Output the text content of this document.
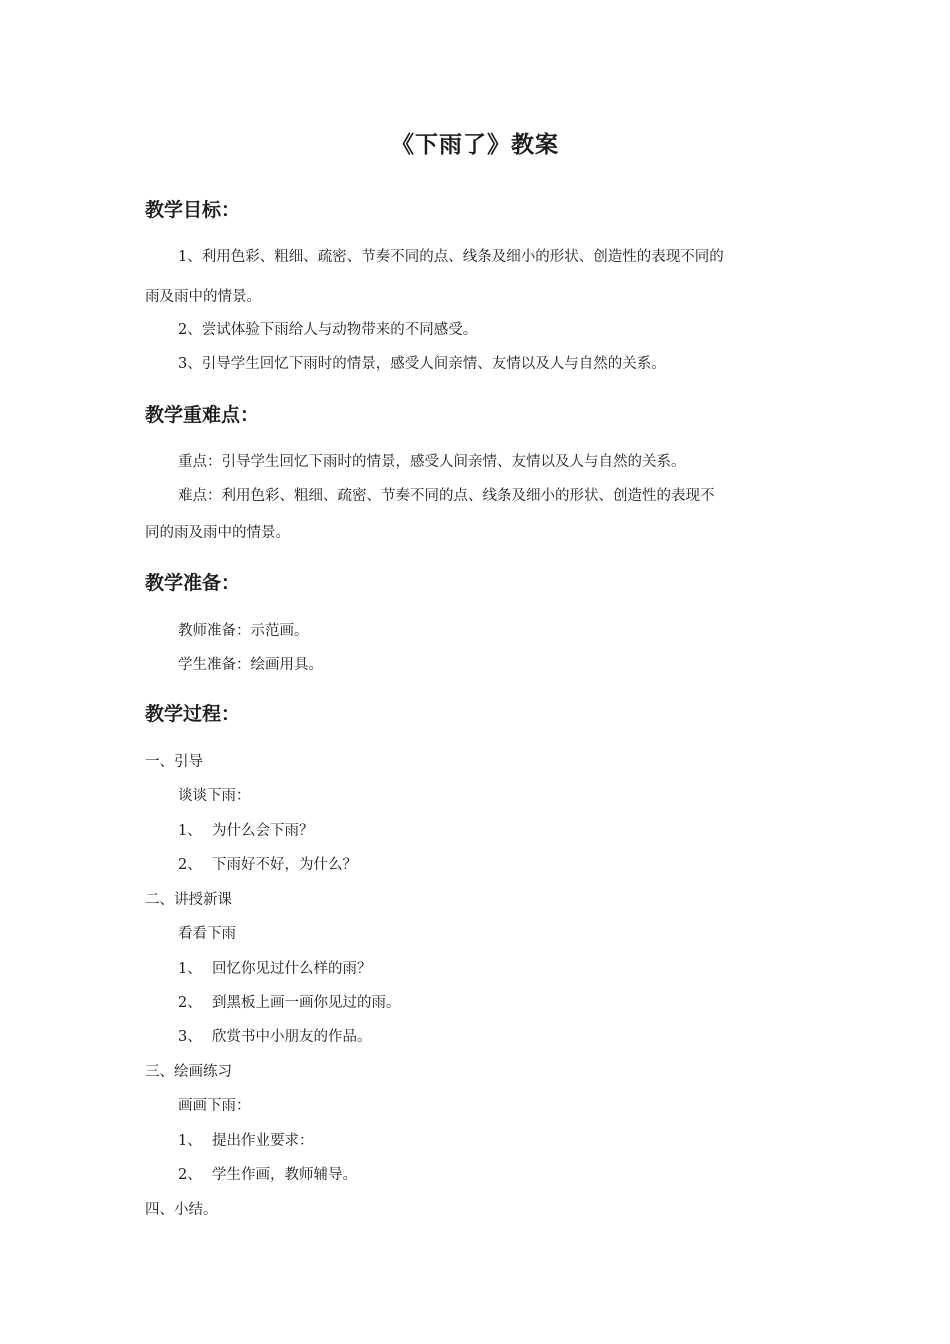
《下雨了》教案
教学目标：
1、利用色彩、粗细、疏密、节奏不同的点、线条及细小的形状、创造性的表现不同的
雨及雨中的情景。
2、尝试体验下雨给人与动物带来的不同感受。
3、引导学生回忆下雨时的情景，感受人间亲情、友情以及人与自然的关系。
教学重难点：
重点：引导学生回忆下雨时的情景，感受人间亲情、友情以及人与自然的关系。
难点：利用色彩、粗细、疏密、节奏不同的点、线条及细小的形状、创造性的表现不
同的雨及雨中的情景。
教学准备：
教师准备：示范画。
学生准备：绘画用具。
教学过程：
一、引导
谈谈下雨：
1、 为什么会下雨？
2、 下雨好不好，为什么？
二、讲授新课
看看下雨
1、 回忆你见过什么样的雨？
2、 到黑板上画一画你见过的雨。
3、 欣赏书中小朋友的作品。
三、绘画练习
画画下雨：
1、 提出作业要求：
2、 学生作画，教师辅导。
四、小结。
